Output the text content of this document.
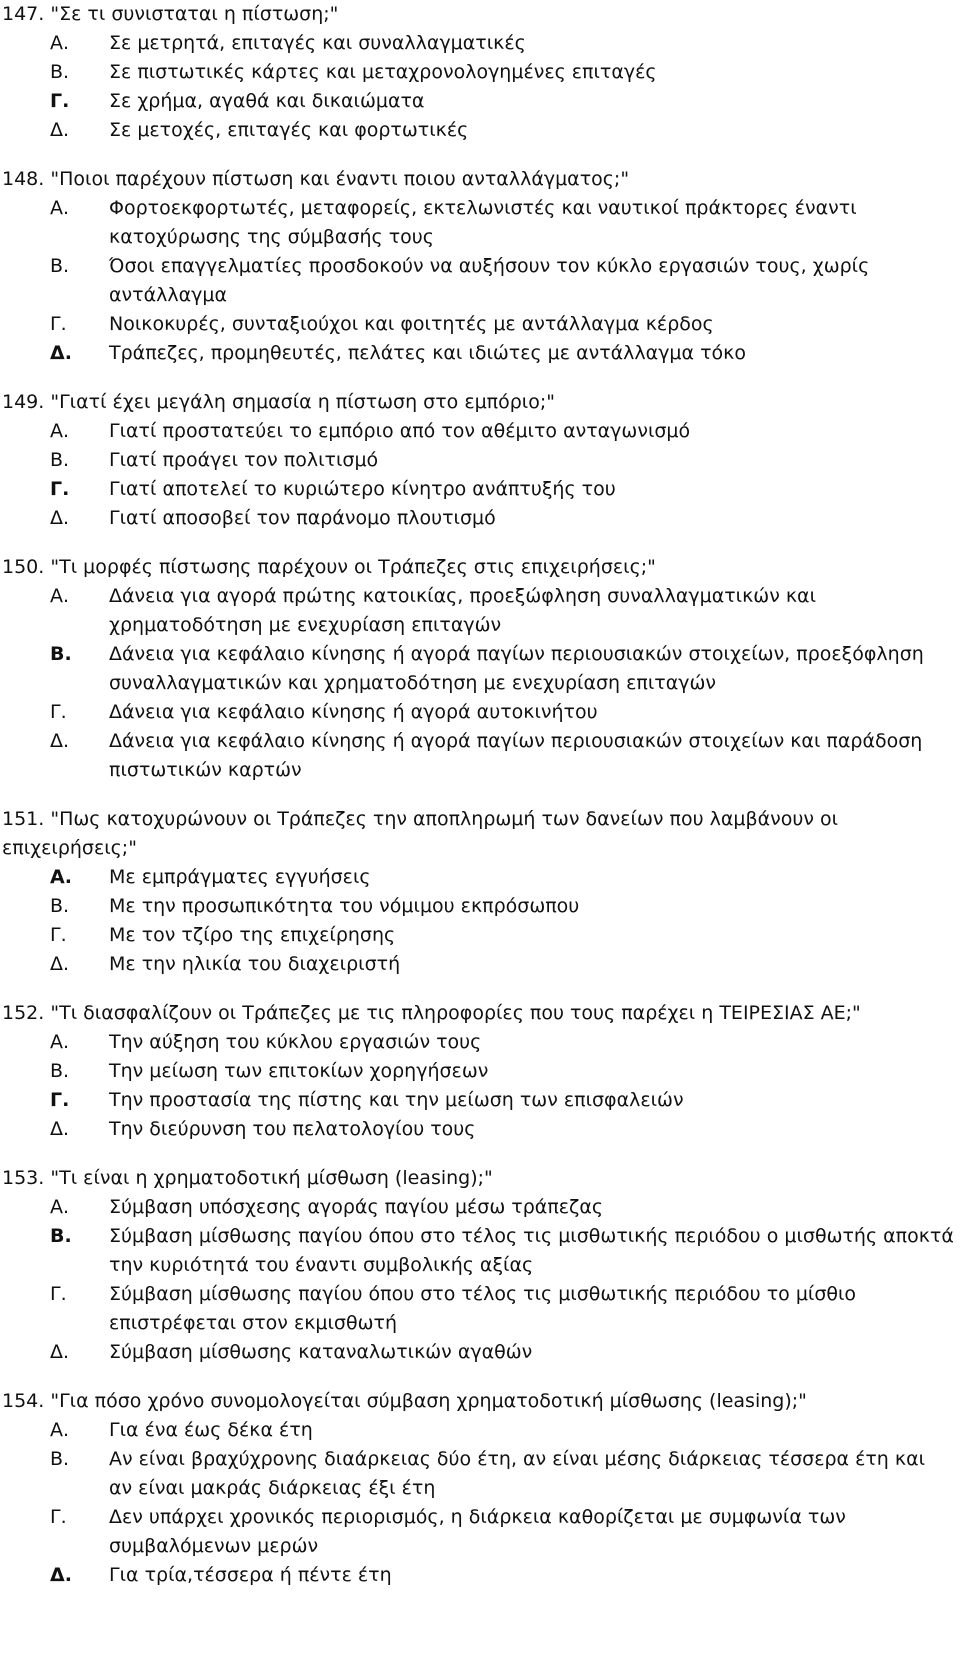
147. "Σε τι συνισταται η πίστωση;"
Α.	Σε μετρητά, επιταγές και συναλλαγματικές
Β.	Σε πιστωτικές κάρτες και μεταχρονολογημένες επιταγές
Γ.	Σε χρήμα, αγαθά και δικαιώματα
Δ.	Σε μετοχές, επιταγές και φορτωτικές
148. "Ποιοι παρέχουν πίστωση και έναντι ποιου ανταλλάγματος;"
Α.	Φορτοεκφορτωτές, μεταφορείς, εκτελωνιστές και ναυτικοί πράκτορες έναντι κατοχύρωσης της σύμβασής τους
Β.	Όσοι επαγγελματίες προσδοκούν να αυξήσουν τον κύκλο εργασιών τους, χωρίς αντάλλαγμα
Γ.	Νοικοκυρές, συνταξιούχοι και φοιτητές με αντάλλαγμα κέρδος
Δ.	Τράπεζες, προμηθευτές, πελάτες και ιδιώτες με αντάλλαγμα τόκο
149. "Γιατί έχει μεγάλη σημασία η πίστωση στο εμπόριο;"
Α.	Γιατί προστατεύει το εμπόριο από τον αθέμιτο ανταγωνισμό
Β.	Γιατί προάγει τον πολιτισμό
Γ.	Γιατί αποτελεί το κυριώτερο κίνητρο ανάπτυξής του
Δ.	Γιατί αποσοβεί τον παράνομο πλουτισμό
150. "Τι μορφές πίστωσης παρέχουν οι Τράπεζες στις επιχειρήσεις;"
Α.	Δάνεια για αγορά πρώτης κατοικίας, προεξώφληση συναλλαγματικών και χρηματοδότηση με ενεχυρίαση επιταγών
Β.	Δάνεια για κεφάλαιο κίνησης ή αγορά παγίων περιουσιακών στοιχείων, προεξόφληση συναλλαγματικών και χρηματοδότηση με ενεχυρίαση επιταγών
Γ.	Δάνεια για κεφάλαιο κίνησης ή αγορά αυτοκινήτου
Δ.	Δάνεια για κεφάλαιο κίνησης ή αγορά παγίων περιουσιακών στοιχείων και παράδοση πιστωτικών καρτών
151. "Πως κατοχυρώνουν οι Τράπεζες την αποπληρωμή των δανείων που λαμβάνουν οι επιχειρήσεις;"
Α.	Με εμπράγματες εγγυήσεις
Β.	Με την προσωπικότητα του νόμιμου εκπρόσωπου
Γ.	Με τον τζίρο της επιχείρησης
Δ.	Με την ηλικία του διαχειριστή
152. "Τι διασφαλίζουν οι Τράπεζες με τις πληροφορίες που τους παρέχει η ΤΕΙΡΕΣΙΑΣ ΑΕ;"
Α.	Την αύξηση του κύκλου εργασιών τους
Β.	Την μείωση των επιτοκίων χορηγήσεων
Γ.	Την προστασία της πίστης και την μείωση των επισφαλειών
Δ.	Την διεύρυνση του πελατολογίου τους
153. "Τι είναι η χρηματοδοτική μίσθωση (leasing);"
Α.	Σύμβαση υπόσχεσης αγοράς παγίου μέσω τράπεζας
Β.	Σύμβαση μίσθωσης παγίου όπου στο τέλος τις μισθωτικής περιόδου ο μισθωτής αποκτά την κυριότητά του έναντι συμβολικής αξίας
Γ.	Σύμβαση μίσθωσης παγίου όπου στο τέλος τις μισθωτικής περιόδου το μίσθιο επιστρέφεται στον εκμισθωτή
Δ.	Σύμβαση μίσθωσης καταναλωτικών αγαθών
154. "Για πόσο χρόνο συνομολογείται σύμβαση χρηματοδοτική μίσθωσης (leasing);"
Α.	Για ένα έως δέκα έτη
Β.	Αν είναι βραχύχρονης διαάρκειας δύο έτη, αν είναι μέσης διάρκειας τέσσερα έτη και αν είναι μακράς διάρκειας έξι έτη
Γ.	Δεν υπάρχει χρονικός περιορισμός, η διάρκεια καθορίζεται με συμφωνία των συμβαλόμενων μερών
Δ.	Για τρία,τέσσερα ή πέντε έτη
